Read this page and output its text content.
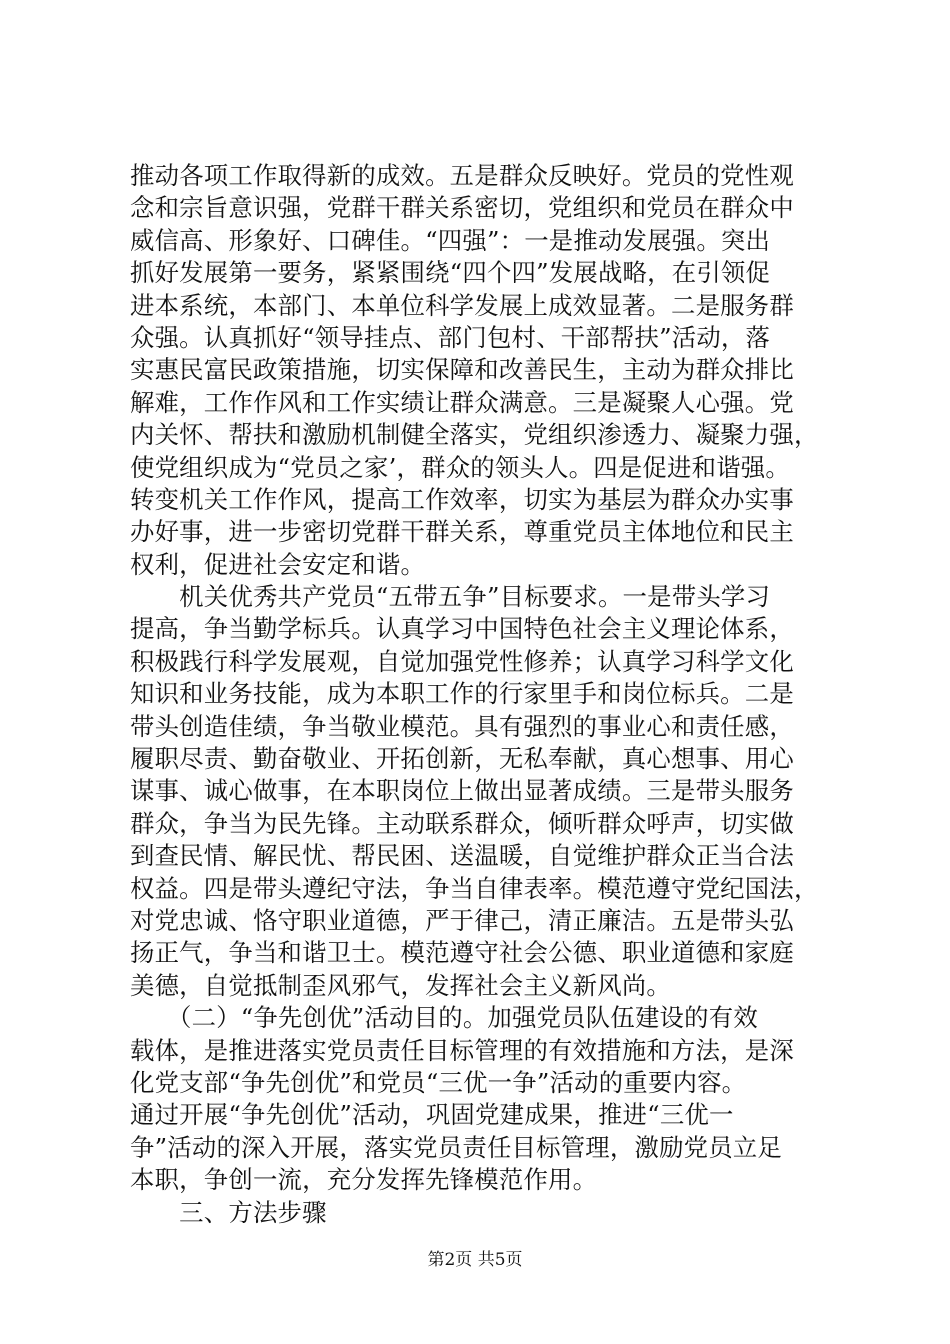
推动各项工作取得新的成效。五是群众反映好。党员的党性观
念和宗旨意识强，党群干群关系密切，党组织和党员在群众中
威信高、形象好、口碑佳。“四强”：一是推动发展强。突出
抓好发展第一要务，紧紧围绕“四个四”发展战略，在引领促
进本系统，本部门、本单位科学发展上成效显著。二是服务群
众强。认真抓好“领导挂点、部门包村、干部帮扶”活动，落
实惠民富民政策措施，切实保障和改善民生，主动为群众排比
解难，工作作风和工作实绩让群众满意。三是凝聚人心强。党
内关怀、帮扶和激励机制健全落实，党组织渗透力、凝聚力强，
使党组织成为“党员之家’，群众的领头人。四是促进和谐强。
转变机关工作作风，提高工作效率，切实为基层为群众办实事
办好事，进一步密切党群干群关系，尊重党员主体地位和民主
权利，促进社会安定和谐。
　　机关优秀共产党员“五带五争”目标要求。一是带头学习
提高，争当勤学标兵。认真学习中国特色社会主义理论体系，
积极践行科学发展观，自觉加强党性修养；认真学习科学文化
知识和业务技能，成为本职工作的行家里手和岗位标兵。二是
带头创造佳绩，争当敬业模范。具有强烈的事业心和责任感，
履职尽责、勤奋敬业、开拓创新，无私奉献，真心想事、用心
谋事、诚心做事，在本职岗位上做出显著成绩。三是带头服务
群众，争当为民先锋。主动联系群众，倾听群众呼声，切实做
到查民情、解民忧、帮民困、送温暖，自觉维护群众正当合法
权益。四是带头遵纪守法，争当自律表率。模范遵守党纪国法，
对党忠诚、恪守职业道德，严于律己，清正廉洁。五是带头弘
扬正气，争当和谐卫士。模范遵守社会公德、职业道德和家庭
美德，自觉抵制歪风邪气，发挥社会主义新风尚。
　　（二）“争先创优”活动目的。加强党员队伍建设的有效
载体，是推进落实党员责任目标管理的有效措施和方法，是深
化党支部“争先创优”和党员“三优一争”活动的重要内容。
通过开展“争先创优”活动，巩固党建成果，推进“三优一
争”活动的深入开展，落实党员责任目标管理，激励党员立足
本职，争创一流，充分发挥先锋模范作用。
　　三、方法步骤
第2页 共5页
